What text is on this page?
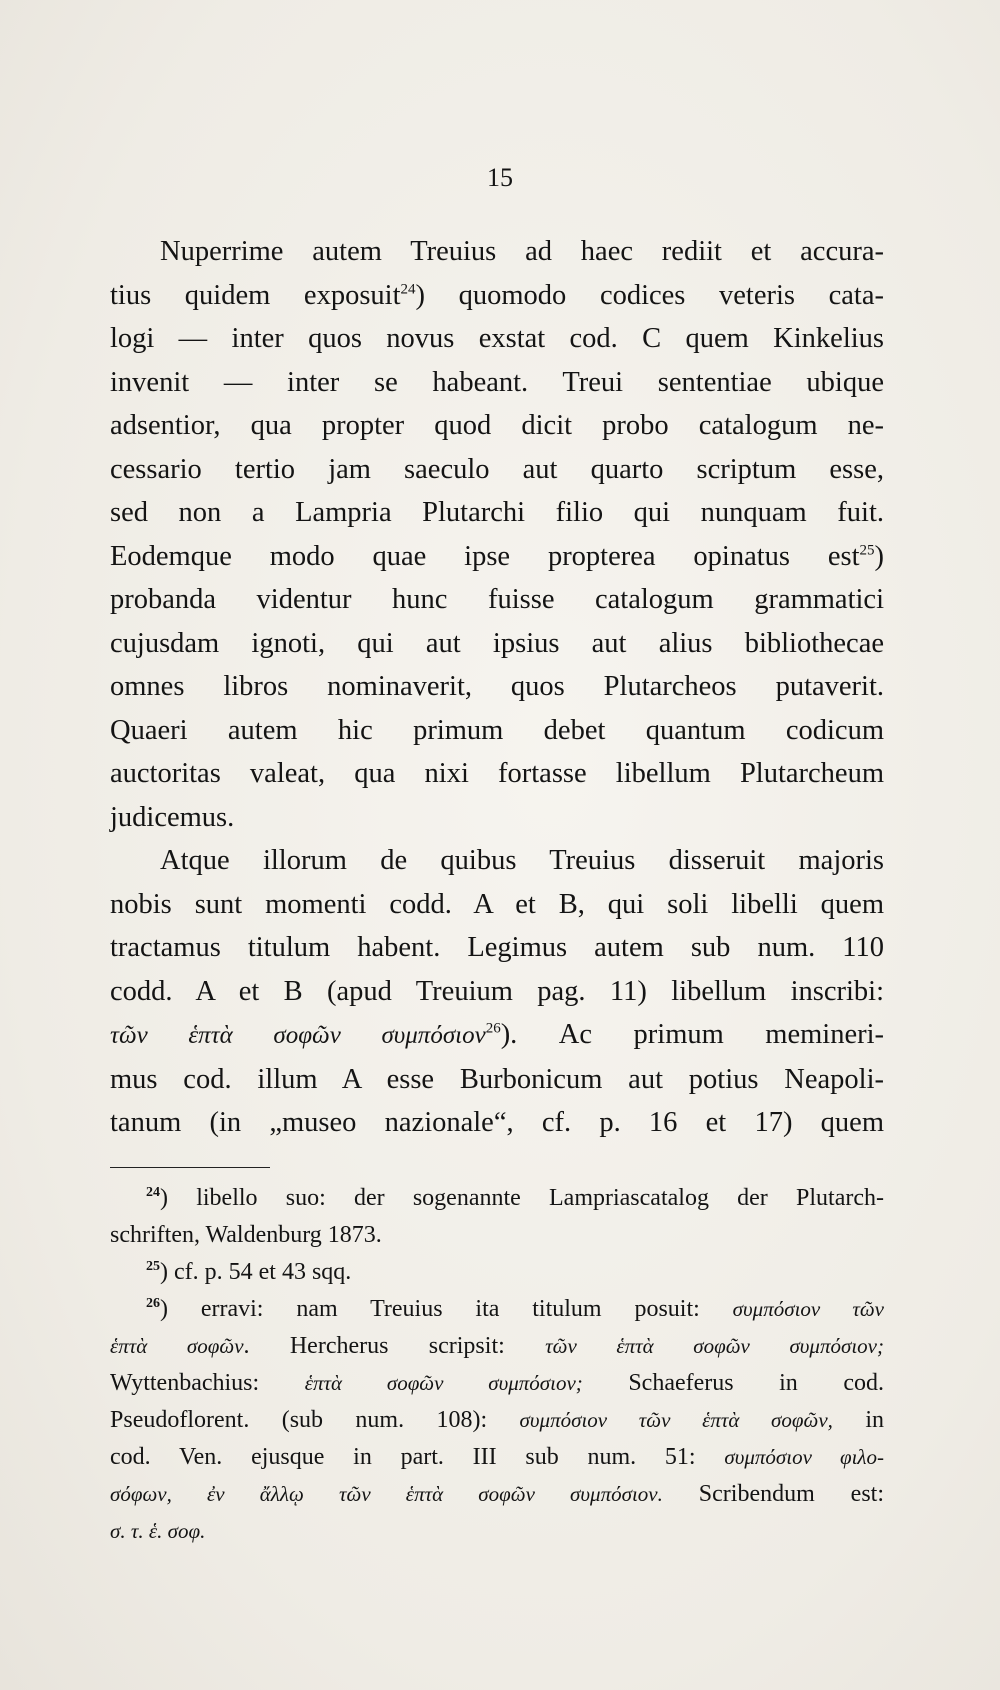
15

Nuperrime autem Treuius ad haec rediit et accura-
tius quidem exposuit$^{24}$) quomodo codices veteris cata-
logi — inter quos novus exstat cod. C quem Kinkelius
invenit — inter se habeant. Treui sententiae ubique
adsentior, qua propter quod dicit probo catalogum ne-
cessario tertio jam saeculo aut quarto scriptum esse,
sed non a Lampria Plutarchi filio qui nunquam fuit.
Eodemque modo quae ipse propterea opinatus est$^{25}$)
probanda videntur hunc fuisse catalogum grammatici
cujusdam ignoti, qui aut ipsius aut alius bibliothecae
omnes libros nominaverit, quos Plutarcheos putaverit.
Quaeri autem hic primum debet quantum codicum
auctoritas valeat, qua nixi fortasse libellum Plutarcheum
judicemus.

Atque illorum de quibus Treuius disseruit majoris
nobis sunt momenti codd. A et B, qui soli libelli quem
tractamus titulum habent. Legimus autem sub num. 110
codd. A et B (apud Treuium pag. 11) libellum inscribi:
τῶν ἑπτὰ σοφῶν συμπόσιον$^{26}$). Ac primum memineri-
mus cod. illum A esse Burbonicum aut potius Neapoli-
tanum (in „museo nazionale“, cf. p. 16 et 17) quem

$^{24}$) libello suo: der sogenannte Lampriascatalog der Plutarch-
schriften, Waldenburg 1873.
$^{25}$) cf. p. 54 et 43 sqq.
$^{26}$) erravi: nam Treuius ita titulum posuit: συμπόσιον τῶν
ἑπτὰ σοφῶν. Hercherus scripsit: τῶν ἑπτὰ σοφῶν συμπόσιον;
Wyttenbachius: ἑπτὰ σοφῶν συμπόσιον; Schaeferus in cod.
Pseudoflorent. (sub num. 108): συμπόσιον τῶν ἑπτὰ σοφῶν, in
cod. Ven. ejusque in part. III sub num. 51: συμπόσιον φιλο-
σόφων, ἐν ἄλλῳ τῶν ἑπτὰ σοφῶν συμπόσιον. Scribendum est:
σ. τ. ἑ. σοφ.
